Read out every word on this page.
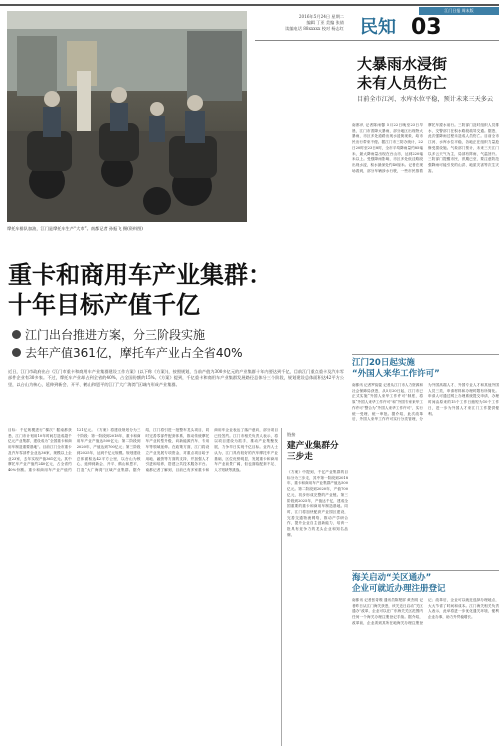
江门日报 周末版
2016年5月24日 星期二
编辑 丁亚 美编 张倩
读编电话 88xxxxx 校对 杨志红 民知 03
摩托车排队加油，江门是摩托车生产“大市”。南都记者 孙振飞 摄(资料图)
大暴雨水浸街
未有人员伤亡
目前全市江河、水库水位平稳，预计未来三天多云
南都讯 记者陈雨馨 5月22日晚至23日早晨，江门市普降大暴雨，部分地区出现特大暴雨，市区多处道路出现水浸街现象，给市民出行带来不便。据江门市三防办统计，22日20时至23日8时，全市平均降雨量约85毫米，最大降雨量出现在台山市，达到220毫米以上。受强降雨影响，市区多处低洼路段出现水浸，积水最深处约40厘米。记者在现场看到，部分车辆涉水行驶，一些市民推着摩托车蹚水前行。三防部门及时组织人员排水，交警部门在积水路段疏导交通。据悉，此次强降雨过程未造成人员伤亡。目前全市江河、水库水位平稳，各地正在组织力量抢修受损设施。气象部门预计，未来三天江门以多云天气为主，局部有阵雨，气温回升。三防部门提醒市民，汛期已至，要注意防范强降雨可能引发的山洪、地质灾害等次生灾害。
重卡和商用车产业集群：
十年目标产值千亿
江门出台推进方案，分三阶段实施
去年产值361亿，摩托车产业占全省40%
近日，江门市政府出台《江门市重卡和商用车产业集群建设工作方案》(以下称《方案》)，按照规划，当前产值为300多亿元的产业集群十年内要达到千亿，目前江门重点重卡及汽车零部件企业有30多家。不过，摩托车产业却占到全省的40%，占全国份额约15%。《方案》提到，千亿重卡和商用车产业集群发展路径总体分三个阶段，规划建设总体面积达42平方公里，以台山为核心，延伸到新会、开平、鹤山和恩平的江门“大广海湾”区域内形成产业集群。
目标：千亿规模进行“梯次” 据南都获悉，江门市计划用10年时间打造成超千亿元产业集群，建设成为“全国重卡和商用车制造重要基地”。目前江门全市重卡及汽车零部件企业达36家，规模以上企业23家，去年实现产值361亿元。其中摩托车产业产值约240亿元，占全省约40%份额。重卡和商用车产业产值约121亿元。《方案》将建设规划分为三个阶段：第一阶段到2018年，重卡和商用车产业产值达500亿元；第二阶段到2020年，产值达到700亿元；第三阶段到2025年，达到千亿元规模。规划建设总体面积达42平方公里，以台山为核心，延伸到新会、开平、鹤山和恩平，打造“大广海湾”区域产业集群。据介绍，江门将引进一批整车龙头项目，同时完善零部件配套体系，推动传统摩托车产业转型升级，向新能源汽车、专用车等领域延伸。在政策方面，江门将设立产业发展专项资金，对重点项目给予用地、融资等方面的支持，并加强人才引进和培养，搭建公共技术服务平台。南都记者了解到，目前已有多家重卡和商用车企业表达了落户意向，部分项目已经签约。江门市相关负责人表示，将以项目建设为抓手，推动产业集聚发展，力争早日实现千亿目标。业内人士认为，江门具有较好的汽车摩托车产业基础，区位优势明显，发展重卡和商用车产业前景广阔，但也面临配套不足、人才短缺等挑战。
链接
建产业集群分三步走
《方案》中提到，千亿产业集群的目标分为三步走，其中第一阶段到2018年，重卡和商用车产业集群产值达500亿元。第二阶段到2020年，产值700亿元，初步形成完整的产业链。第三阶段到2025年，产值达千亿，建成全国重要的重卡和商用车制造基地。同时，江门将加快配套产业园区建设，完善交通物流网络，推动产学研合作，提升企业自主创新能力，培育一批具有竞争力的龙头企业和知名品牌。
江门20日起实施
“外国人来华工作许可”
南都讯 记者罗韵姿 记者从江门市人力资源和社会保障局获悉，从5月20日起，江门市已正式实施“外国人来华工作许可”制度，将原“外国人来华工作许可”和“外国专家来华工作许可”整合为“外国人来华工作许可”，实行统一受理、统一审批。据介绍，此次改革后，外国人来华工作许可实行分类管理，分为外国高端人才、外国专业人才和其他外国人员三类，申请材料和办理时限有所简化。申请人可通过网上办理系统提交申请，办理时间由原来的15个工作日缩短为10个工作日，进一步为外国人才来江门工作提供便利。
海关启动“关区通办”
企业可就近办理注册登记
南都讯 记者张奇瓒 通讯员陈楚屏 黄杰明 记者昨日从江门海关获悉，该关近日启动“关区通办”改革，企业可以在广东海关关区范围内任何一个海关办理注册登记手续。据介绍，改革前，企业须到其所在地海关办理注册登记；改革后，企业可以就近选择办理地点，大大节省了时间和成本。江门海关相关负责人表示，此举将进一步优化通关环境，便利企业办事，助力外贸稳增长。
